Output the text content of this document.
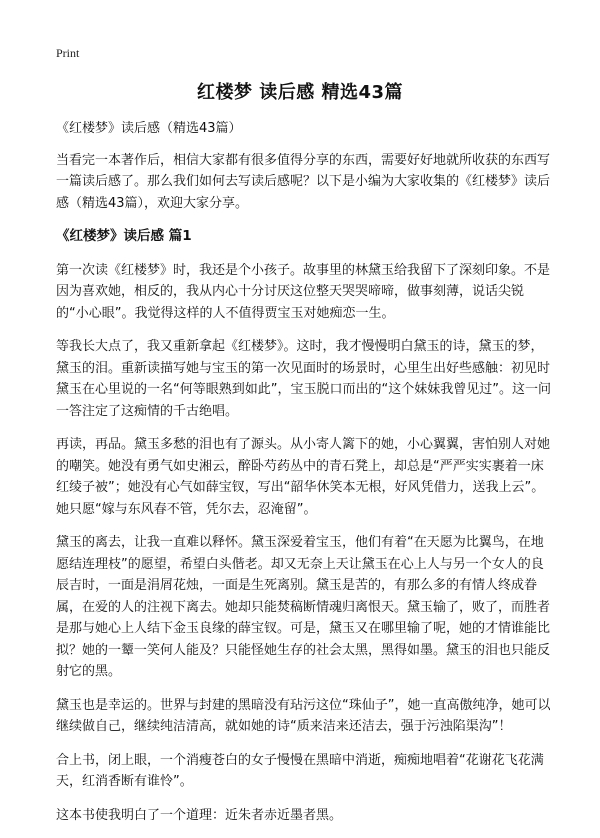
Print
红楼梦 读后感 精选43篇

《红楼梦》读后感（精选43篇）

当看完一本著作后，相信大家都有很多值得分享的东西，需要好好地就所收获的东西写一篇读后感了。那么我们如何去写读后感呢？以下是小编为大家收集的《红楼梦》读后感（精选43篇），欢迎大家分享。

《红楼梦》读后感 篇1

第一次读《红楼梦》时，我还是个小孩子。故事里的林黛玉给我留下了深刻印象。不是因为喜欢她，相反的，我从内心十分讨厌这位整天哭哭啼啼，做事刻薄，说话尖锐的“小心眼”。我觉得这样的人不值得贾宝玉对她痴恋一生。

等我长大点了，我又重新拿起《红楼梦》。这时，我才慢慢明白黛玉的诗，黛玉的梦，黛玉的泪。重新读描写她与宝玉的第一次见面时的场景时，心里生出好些感触：初见时黛玉在心里说的一名“何等眼熟到如此”，宝玉脱口而出的“这个妹妹我曾见过”。这一问一答注定了这痴情的千古绝唱。

再读，再品。黛玉多愁的泪也有了源头。从小寄人篱下的她，小心翼翼，害怕别人对她的嘲笑。她没有勇气如史湘云，醉卧芍药丛中的青石凳上，却总是“严严实实裹着一床红绫子被”；她没有心气如薛宝钗，写出“韶华休笑本无根，好风凭借力，送我上云”。她只愿“嫁与东风春不管，凭尔去，忍淹留”。

黛玉的离去，让我一直难以释怀。黛玉深爱着宝玉，他们有着“在天愿为比翼鸟，在地愿结连理枝”的愿望，希望白头偕老。却又无奈上天让黛玉在心上人与另一个女人的良辰吉时，一面是涓屑花烛，一面是生死离别。黛玉是苦的，有那么多的有情人终成眷属，在爱的人的注视下离去。她却只能焚稿断情魂归离恨天。黛玉输了，败了，而胜者是那与她心上人结下金玉良缘的薛宝钗。可是，黛玉又在哪里输了呢，她的才情谁能比拟？她的一颦一笑何人能及？只能怪她生存的社会太黑，黑得如墨。黛玉的泪也只能反射它的黑。

黛玉也是幸运的。世界与封建的黑暗没有玷污这位“珠仙子”，她一直高傲纯净，她可以继续做自己，继续纯洁清高，就如她的诗“质来洁来还洁去，强于污浊陷渠沟”！

合上书，闭上眼，一个消瘦苍白的女子慢慢在黑暗中消逝，痴痴地唱着“花谢花飞花满天，红消香断有谁怜”。

这本书使我明白了一个道理：近朱者赤近墨者黑。
